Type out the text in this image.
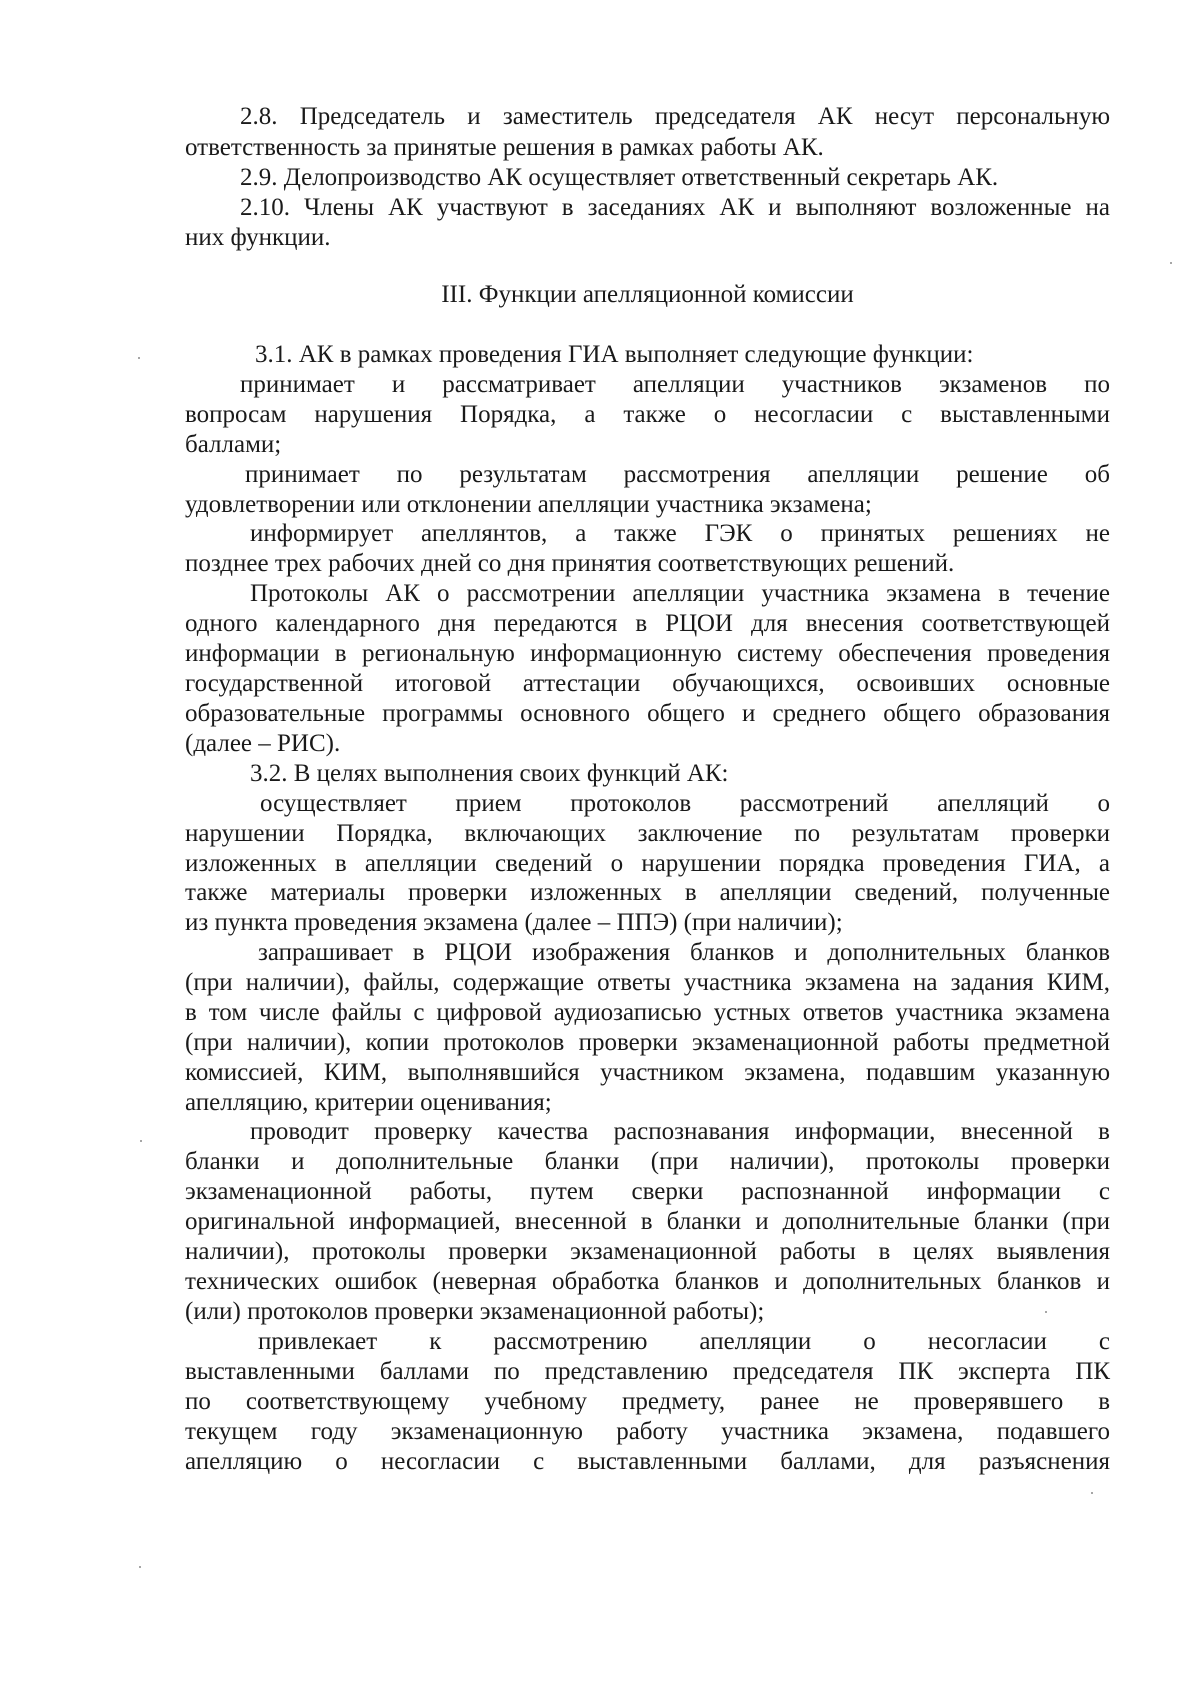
2.8. Председатель и заместитель председателя АК несут персональную
ответственность за принятые решения в рамках работы АК.
2.9. Делопроизводство АК осуществляет ответственный секретарь АК.
2.10. Члены АК участвуют в заседаниях АК и выполняют возложенные на
них функции.
III. Функции апелляционной комиссии
3.1. АК в рамках проведения ГИА выполняет следующие функции:
принимает и рассматривает апелляции участников экзаменов по
вопросам нарушения Порядка, а также о несогласии с выставленными
баллами;
принимает по результатам рассмотрения апелляции решение об
удовлетворении или отклонении апелляции участника экзамена;
информирует апеллянтов, а также ГЭК о принятых решениях не
позднее трех рабочих дней со дня принятия соответствующих решений.
Протоколы АК о рассмотрении апелляции участника экзамена в течение
одного календарного дня передаются в РЦОИ для внесения соответствующей
информации в региональную информационную систему обеспечения проведения
государственной итоговой аттестации обучающихся, освоивших основные
образовательные программы основного общего и среднего общего образования
(далее – РИС).
3.2. В целях выполнения своих функций АК:
осуществляет прием протоколов рассмотрений апелляций о
нарушении Порядка, включающих заключение по результатам проверки
изложенных в апелляции сведений о нарушении порядка проведения ГИА, а
также материалы проверки изложенных в апелляции сведений, полученные
из пункта проведения экзамена (далее – ППЭ) (при наличии);
запрашивает в РЦОИ изображения бланков и дополнительных бланков
(при наличии), файлы, содержащие ответы участника экзамена на задания КИМ,
в том числе файлы с цифровой аудиозаписью устных ответов участника экзамена
(при наличии), копии протоколов проверки экзаменационной работы предметной
комиссией, КИМ, выполнявшийся участником экзамена, подавшим указанную
апелляцию, критерии оценивания;
проводит проверку качества распознавания информации, внесенной в
бланки и дополнительные бланки (при наличии), протоколы проверки
экзаменационной работы, путем сверки распознанной информации с
оригинальной информацией, внесенной в бланки и дополнительные бланки (при
наличии), протоколы проверки экзаменационной работы в целях выявления
технических ошибок (неверная обработка бланков и дополнительных бланков и
(или) протоколов проверки экзаменационной работы);
привлекает к рассмотрению апелляции о несогласии с
выставленными баллами по представлению председателя ПК эксперта ПК
по соответствующему учебному предмету, ранее не проверявшего в
текущем году экзаменационную работу участника экзамена, подавшего
апелляцию о несогласии с выставленными баллами, для разъяснения
